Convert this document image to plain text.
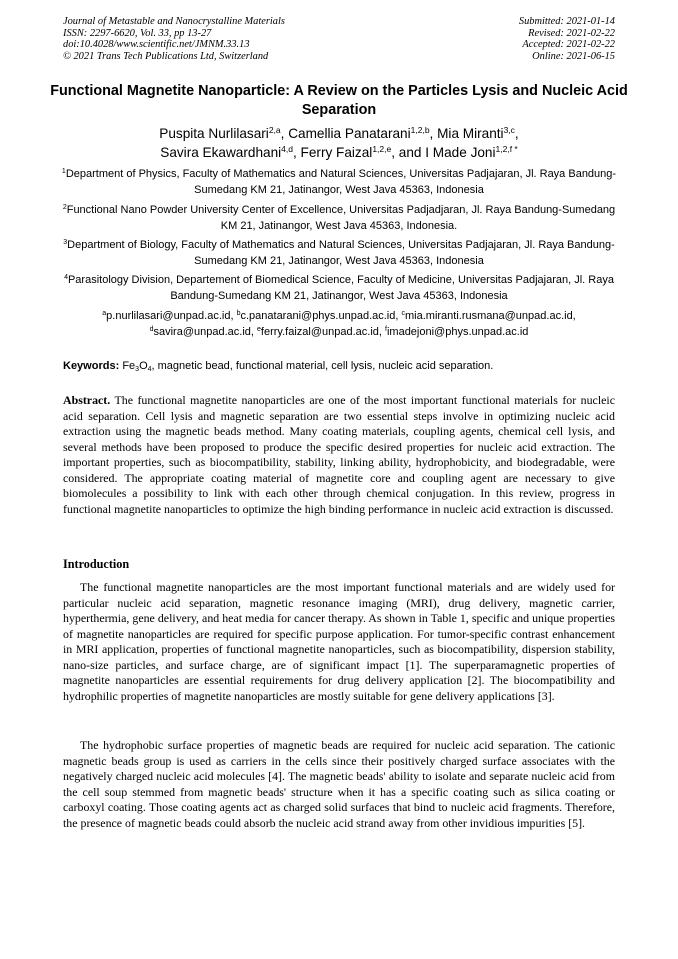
Journal of Metastable and Nanocrystalline Materials
ISSN: 2297-6620, Vol. 33, pp 13-27
doi:10.4028/www.scientific.net/JMNM.33.13
© 2021 Trans Tech Publications Ltd, Switzerland
Submitted: 2021-01-14
Revised: 2021-02-22
Accepted: 2021-02-22
Online: 2021-06-15
Functional Magnetite Nanoparticle: A Review on the Particles Lysis and Nucleic Acid Separation
Puspita Nurlilasari$^{2,a}$, Camellia Panatarani$^{1,2,b}$, Mia Miranti$^{3,c}$,
Savira Ekawardhani$^{4,d}$, Ferry Faizal$^{1,2,e}$, and I Made Joni$^{1,2,f *}$
$^1$Department of Physics, Faculty of Mathematics and Natural Sciences, Universitas Padjajaran, Jl. Raya Bandung-Sumedang KM 21, Jatinangor, West Java 45363, Indonesia
$^2$Functional Nano Powder University Center of Excellence, Universitas Padjadjaran, Jl. Raya Bandung-Sumedang KM 21, Jatinangor, West Java 45363, Indonesia.
$^3$Department of Biology, Faculty of Mathematics and Natural Sciences, Universitas Padjajaran, Jl. Raya Bandung-Sumedang KM 21, Jatinangor, West Java 45363, Indonesia
$^4$Parasitology Division, Departement of Biomedical Science, Faculty of Medicine, Universitas Padjajaran, Jl. Raya Bandung-Sumedang KM 21, Jatinangor, West Java 45363, Indonesia
$^a$p.nurlilasari@unpad.ac.id, $^b$c.panatarani@phys.unpad.ac.id, $^c$mia.miranti.rusmana@unpad.ac.id,
$^d$savira@unpad.ac.id, $^e$ferry.faizal@unpad.ac.id, $^f$imadejoni@phys.unpad.ac.id
Keywords: $Fe_3O_4$, magnetic bead, functional material, cell lysis, nucleic acid separation.
Abstract. The functional magnetite nanoparticles are one of the most important functional materials for nucleic acid separation. Cell lysis and magnetic separation are two essential steps involve in optimizing nucleic acid extraction using the magnetic beads method. Many coating materials, coupling agents, chemical cell lysis, and several methods have been proposed to produce the specific desired properties for nucleic acid extraction. The important properties, such as biocompatibility, stability, linking ability, hydrophobicity, and biodegradable, were considered. The appropriate coating material of magnetite core and coupling agent are necessary to give biomolecules a possibility to link with each other through chemical conjugation. In this review, progress in functional magnetite nanoparticles to optimize the high binding performance in nucleic acid extraction is discussed.
Introduction
The functional magnetite nanoparticles are the most important functional materials and are widely used for particular nucleic acid separation, magnetic resonance imaging (MRI), drug delivery, magnetic carrier, hyperthermia, gene delivery, and heat media for cancer therapy. As shown in Table 1, specific and unique properties of magnetite nanoparticles are required for specific purpose application. For tumor-specific contrast enhancement in MRI application, properties of functional magnetite nanoparticles, such as biocompatibility, dispersion stability, nano-size particles, and surface charge, are of significant impact [1]. The superparamagnetic properties of magnetite nanoparticles are essential requirements for drug delivery application [2]. The biocompatibility and hydrophilic properties of magnetite nanoparticles are mostly suitable for gene delivery applications [3].
The hydrophobic surface properties of magnetic beads are required for nucleic acid separation. The cationic magnetic beads group is used as carriers in the cells since their positively charged surface associates with the negatively charged nucleic acid molecules [4]. The magnetic beads' ability to isolate and separate nucleic acid from the cell soup stemmed from magnetic beads' structure when it has a specific coating such as silica coating or carboxyl coating. Those coating agents act as charged solid surfaces that bind to nucleic acid fragments. Therefore, the presence of magnetic beads could absorb the nucleic acid strand away from other invidious impurities [5].
